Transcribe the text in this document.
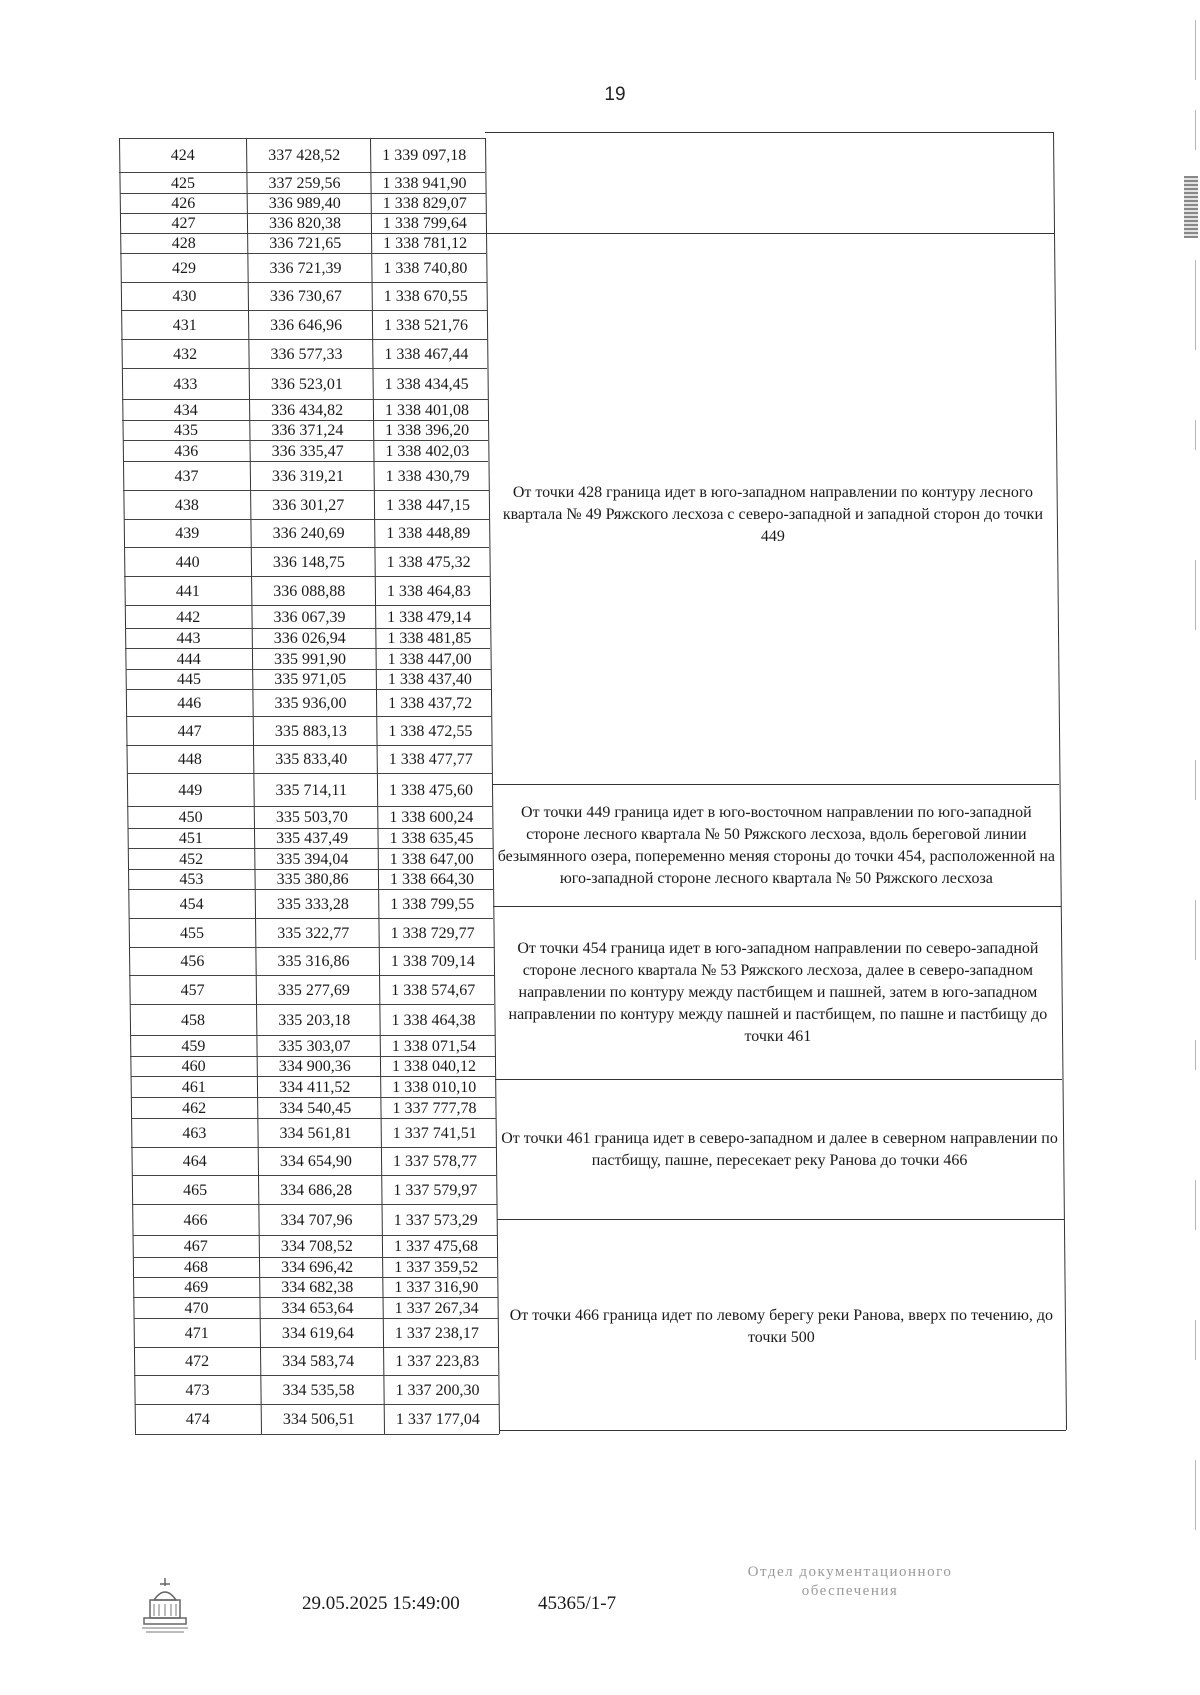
19
424	337 428,52	1 339 097,18
425	337 259,56	1 338 941,90
426	336 989,40	1 338 829,07
427	336 820,38	1 338 799,64
428	336 721,65	1 338 781,12
429	336 721,39	1 338 740,80
430	336 730,67	1 338 670,55
431	336 646,96	1 338 521,76
432	336 577,33	1 338 467,44
433	336 523,01	1 338 434,45
434	336 434,82	1 338 401,08
435	336 371,24	1 338 396,20
436	336 335,47	1 338 402,03
437	336 319,21	1 338 430,79
438	336 301,27	1 338 447,15
439	336 240,69	1 338 448,89
440	336 148,75	1 338 475,32
441	336 088,88	1 338 464,83
442	336 067,39	1 338 479,14
443	336 026,94	1 338 481,85
444	335 991,90	1 338 447,00
445	335 971,05	1 338 437,40
446	335 936,00	1 338 437,72
447	335 883,13	1 338 472,55
448	335 833,40	1 338 477,77
449	335 714,11	1 338 475,60
450	335 503,70	1 338 600,24
451	335 437,49	1 338 635,45
452	335 394,04	1 338 647,00
453	335 380,86	1 338 664,30
454	335 333,28	1 338 799,55
455	335 322,77	1 338 729,77
456	335 316,86	1 338 709,14
457	335 277,69	1 338 574,67
458	335 203,18	1 338 464,38
459	335 303,07	1 338 071,54
460	334 900,36	1 338 040,12
461	334 411,52	1 338 010,10
462	334 540,45	1 337 777,78
463	334 561,81	1 337 741,51
464	334 654,90	1 337 578,77
465	334 686,28	1 337 579,97
466	334 707,96	1 337 573,29
467	334 708,52	1 337 475,68
468	334 696,42	1 337 359,52
469	334 682,38	1 337 316,90
470	334 653,64	1 337 267,34
471	334 619,64	1 337 238,17
472	334 583,74	1 337 223,83
473	334 535,58	1 337 200,30
474	334 506,51	1 337 177,04
От точки 428 граница идет в юго-западном направлении по контуру лесного квартала № 49 Ряжского лесхоза с северо-западной и западной сторон до точки 449
От точки 449 граница идет в юго-восточном направлении по юго-западной стороне лесного квартала № 50 Ряжского лесхоза, вдоль береговой линии безымянного озера, попеременно меняя стороны до точки 454, расположенной на юго-западной стороне лесного квартала № 50 Ряжского лесхоза
От точки 454 граница идет в юго-западном направлении по северо-западной стороне лесного квартала № 53 Ряжского лесхоза, далее в северо-западном направлении по контуру между пастбищем и пашней, затем в юго-западном направлении по контуру между пашней и пастбищем, по пашне и пастбищу до точки 461
От точки 461 граница идет в северо-западном и далее в северном направлении по пастбищу, пашне, пересекает реку Ранова до точки 466
От точки 466 граница идет по левому берегу реки Ранова, вверх по течению, до точки 500
29.05.2025 15:49:00	45365/1-7
Отдел документационного
обеспечения
